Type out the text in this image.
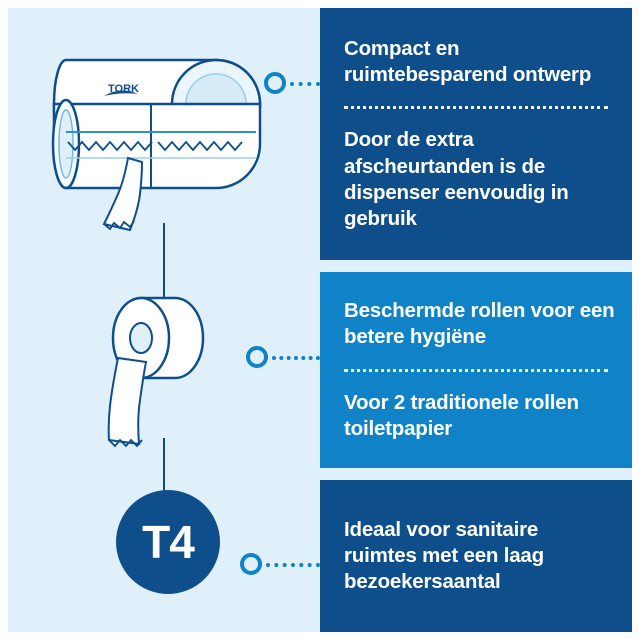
TORK
T4

Compact en ruimtebesparend ontwerp

Door de extra afscheurtanden is de dispenser eenvoudig in gebruik

Beschermde rollen voor een betere hygiëne

Voor 2 traditionele rollen toiletpapier

Ideaal voor sanitaire ruimtes met een laag bezoekersaantal
